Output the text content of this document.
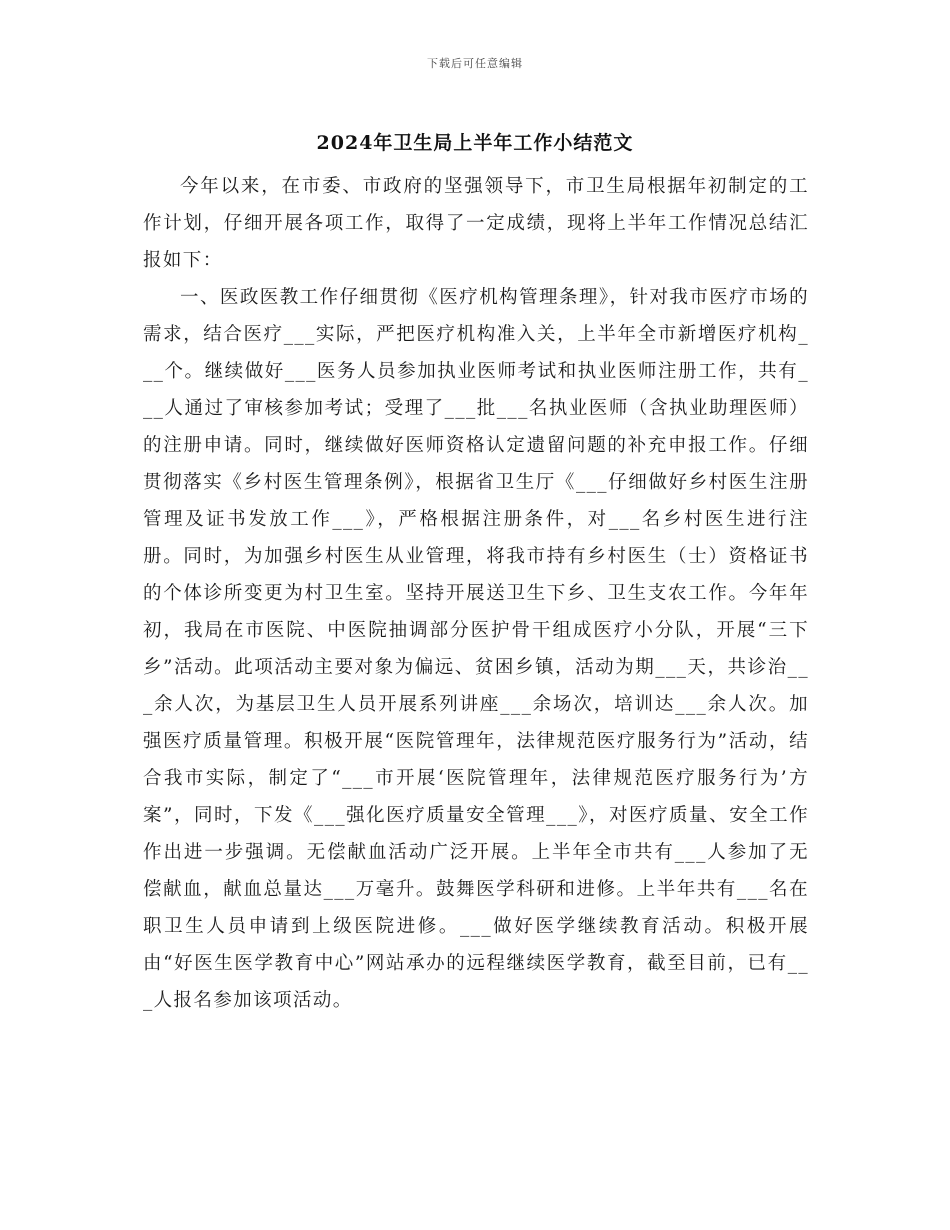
下载后可任意编辑
2024年卫生局上半年工作小结范文

今年以来，在市委、市政府的坚强领导下，市卫生局根据年初制定的工作计划，仔细开展各项工作，取得了一定成绩，现将上半年工作情况总结汇报如下：

一、医政医教工作仔细贯彻《医疗机构管理条理》，针对我市医疗市场的需求，结合医疗___实际，严把医疗机构准入关，上半年全市新增医疗机构___个。继续做好___医务人员参加执业医师考试和执业医师注册工作，共有___人通过了审核参加考试；受理了___批___名执业医师（含执业助理医师）的注册申请。同时，继续做好医师资格认定遗留问题的补充申报工作。仔细贯彻落实《乡村医生管理条例》，根据省卫生厅《___仔细做好乡村医生注册管理及证书发放工作___》，严格根据注册条件，对___名乡村医生进行注册。同时，为加强乡村医生从业管理，将我市持有乡村医生（士）资格证书的个体诊所变更为村卫生室。坚持开展送卫生下乡、卫生支农工作。今年年初，我局在市医院、中医院抽调部分医护骨干组成医疗小分队，开展“三下乡”活动。此项活动主要对象为偏远、贫困乡镇，活动为期___天，共诊治___余人次，为基层卫生人员开展系列讲座___余场次，培训达___余人次。加强医疗质量管理。积极开展“医院管理年，法律规范医疗服务行为”活动，结合我市实际，制定了“___市开展‘医院管理年，法律规范医疗服务行为’方案”，同时，下发《___强化医疗质量安全管理___》，对医疗质量、安全工作作出进一步强调。无偿献血活动广泛开展。上半年全市共有___人参加了无偿献血，献血总量达___万毫升。鼓舞医学科研和进修。上半年共有___名在职卫生人员申请到上级医院进修。___做好医学继续教育活动。积极开展由“好医生医学教育中心”网站承办的远程继续医学教育，截至目前，已有___人报名参加该项活动。
